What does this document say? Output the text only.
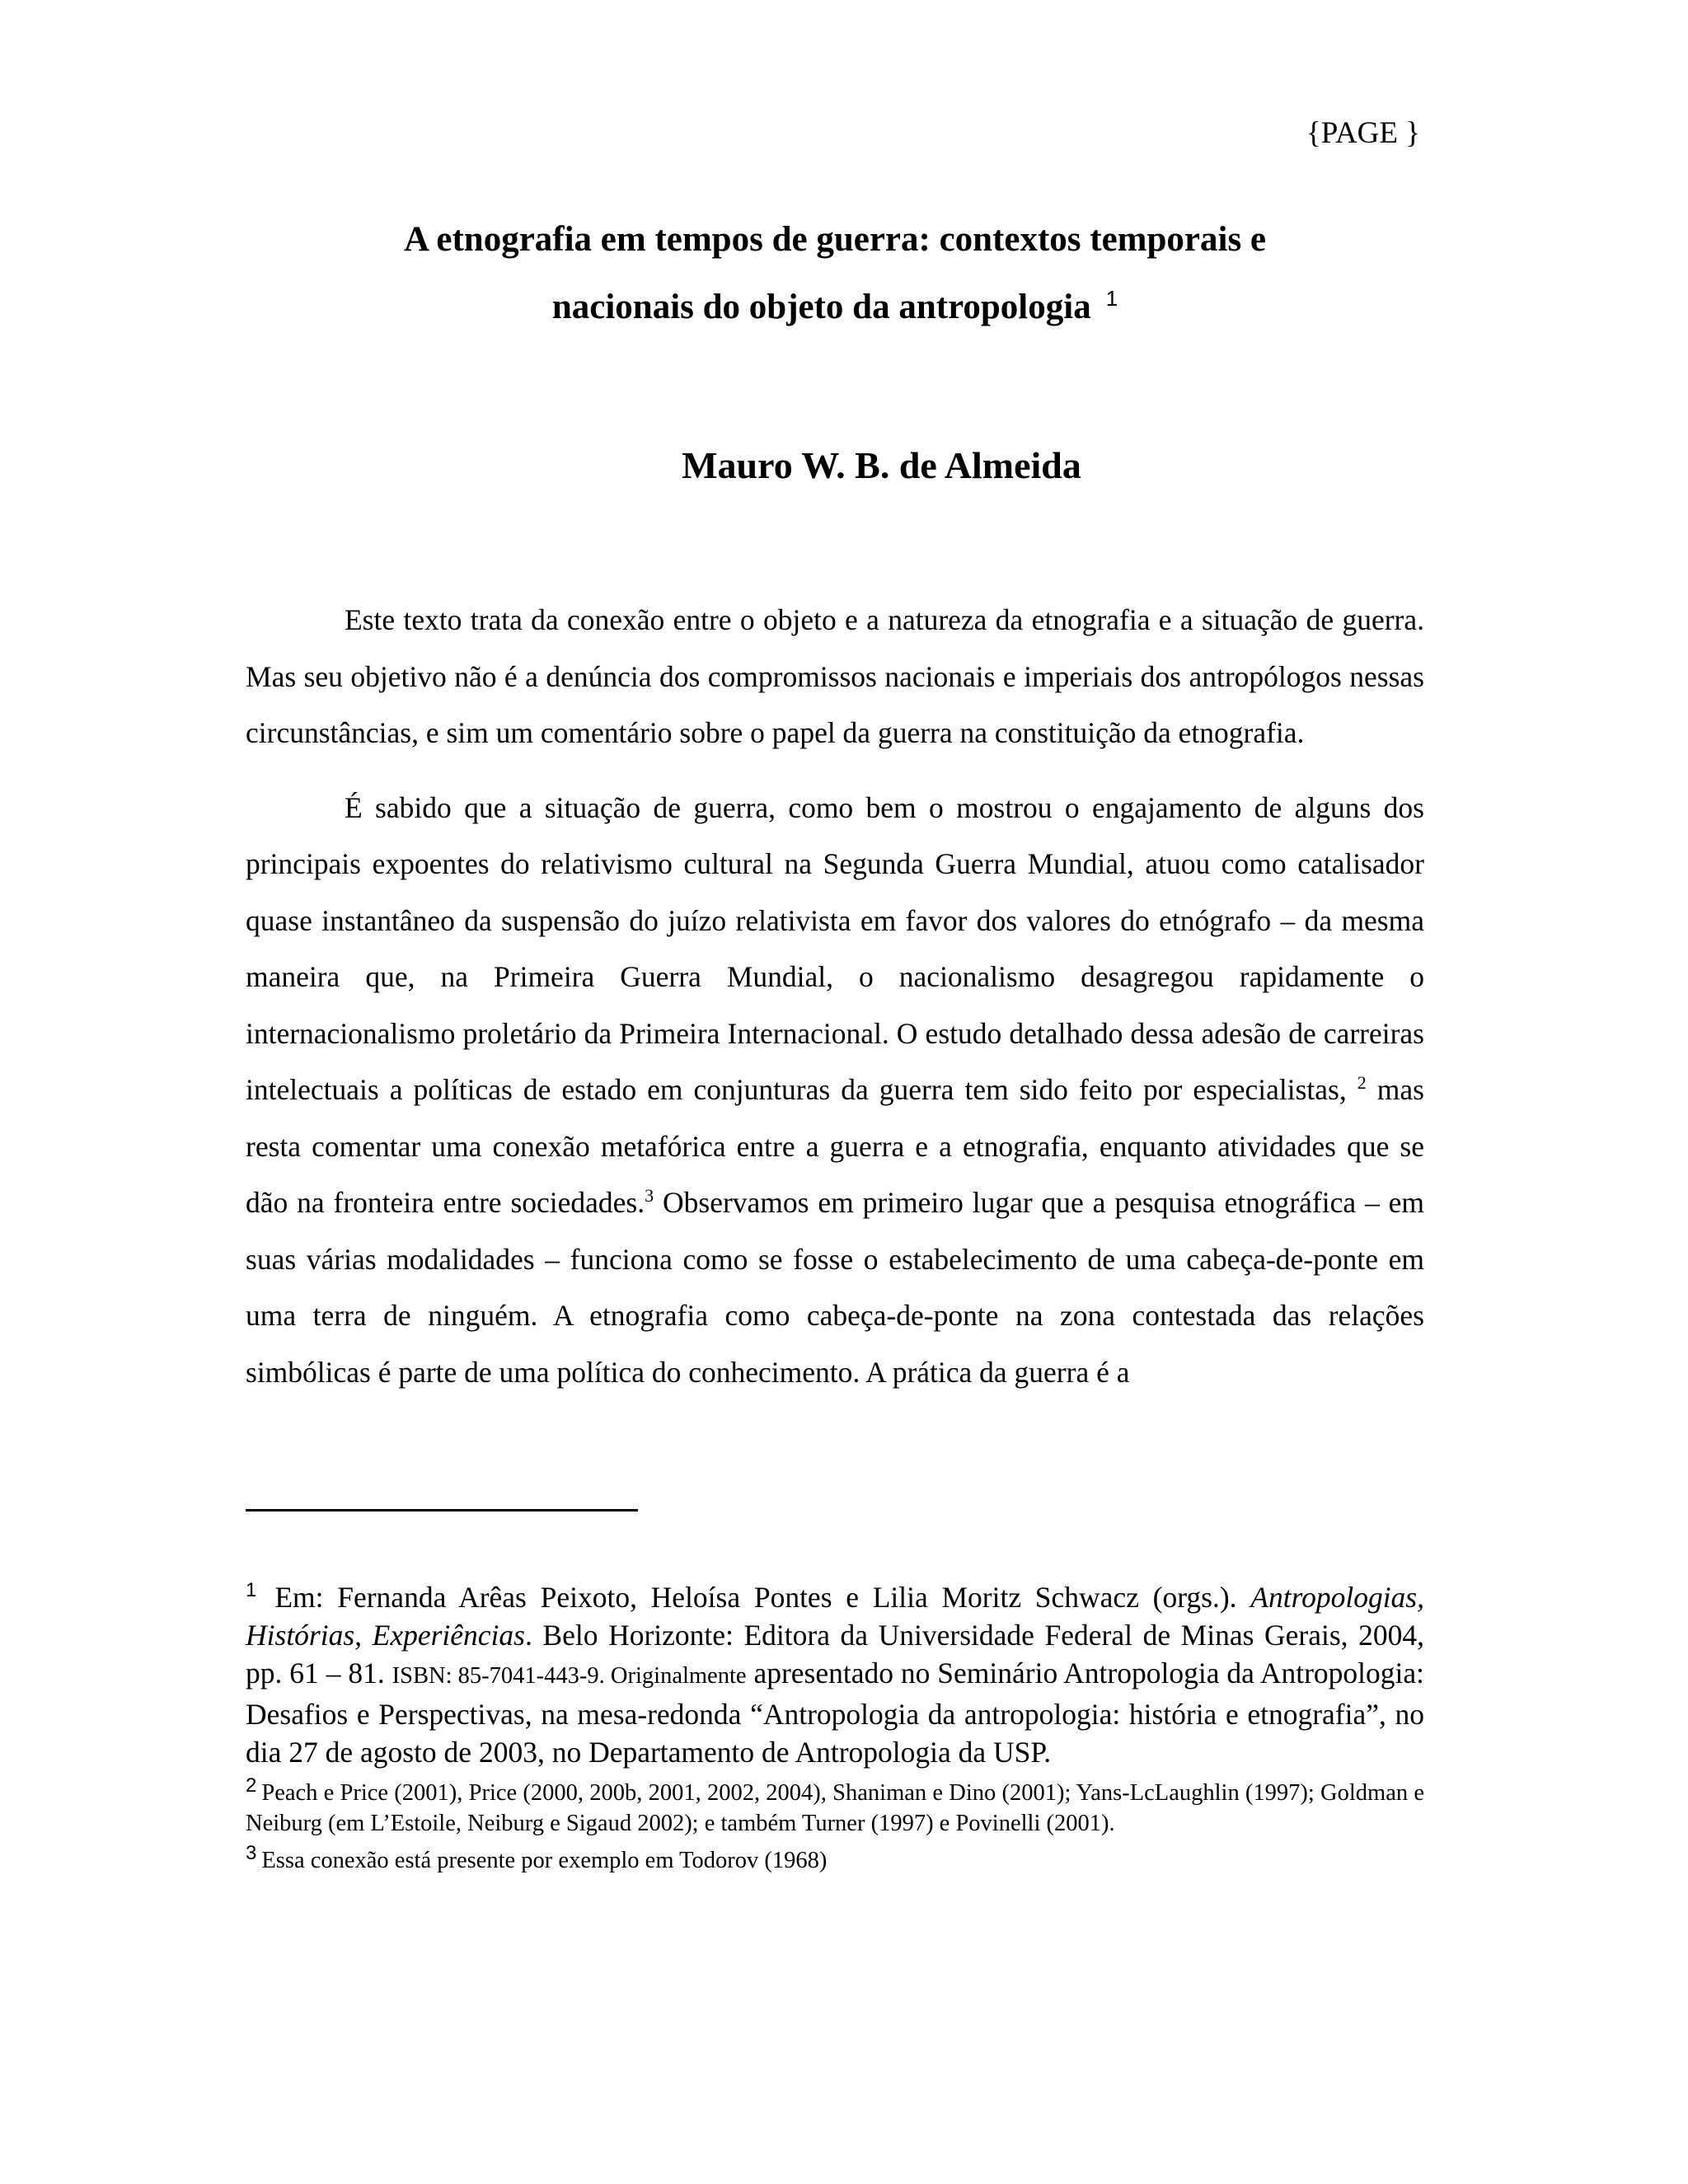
{PAGE }
A etnografia em tempos de guerra: contextos temporais e
nacionais do objeto da antropologia $^1$
Mauro W. B. de Almeida

Este texto trata da conexão entre o objeto e a natureza da etnografia e a situação de guerra. Mas seu objetivo não é a denúncia dos compromissos nacionais e imperiais dos antropólogos nessas circunstâncias, e sim um comentário sobre o papel da guerra na constituição da etnografia.

É sabido que a situação de guerra, como bem o mostrou o engajamento de alguns dos principais expoentes do relativismo cultural na Segunda Guerra Mundial, atuou como catalisador quase instantâneo da suspensão do juízo relativista em favor dos valores do etnógrafo – da mesma maneira que, na Primeira Guerra Mundial, o nacionalismo desagregou rapidamente o internacionalismo proletário da Primeira Internacional. O estudo detalhado dessa adesão de carreiras intelectuais a políticas de estado em conjunturas da guerra tem sido feito por especialistas, $^2$ mas resta comentar uma conexão metafórica entre a guerra e a etnografia, enquanto atividades que se dão na fronteira entre sociedades.$^3$ Observamos em primeiro lugar que a pesquisa etnográfica – em suas várias modalidades – funciona como se fosse o estabelecimento de uma cabeça-de-ponte em uma terra de ninguém. A etnografia como cabeça-de-ponte na zona contestada das relações simbólicas é parte de uma política do conhecimento. A prática da guerra é a

$^1$ Em: Fernanda Arêas Peixoto, Heloísa Pontes e Lilia Moritz Schwacz (orgs.). Antropologias, Histórias, Experiências. Belo Horizonte: Editora da Universidade Federal de Minas Gerais, 2004, pp. 61 – 81. ISBN: 85-7041-443-9. Originalmente apresentado no Seminário Antropologia da Antropologia: Desafios e Perspectivas, na mesa-redonda “Antropologia da antropologia: história e etnografia”, no dia 27 de agosto de 2003, no Departamento de Antropologia da USP.
$^2$ Peach e Price (2001), Price (2000, 200b, 2001, 2002, 2004), Shaniman e Dino (2001); Yans-LcLaughlin (1997); Goldman e Neiburg (em L’Estoile, Neiburg e Sigaud 2002); e também Turner (1997) e Povinelli (2001).
$^3$ Essa conexão está presente por exemplo em Todorov (1968)
